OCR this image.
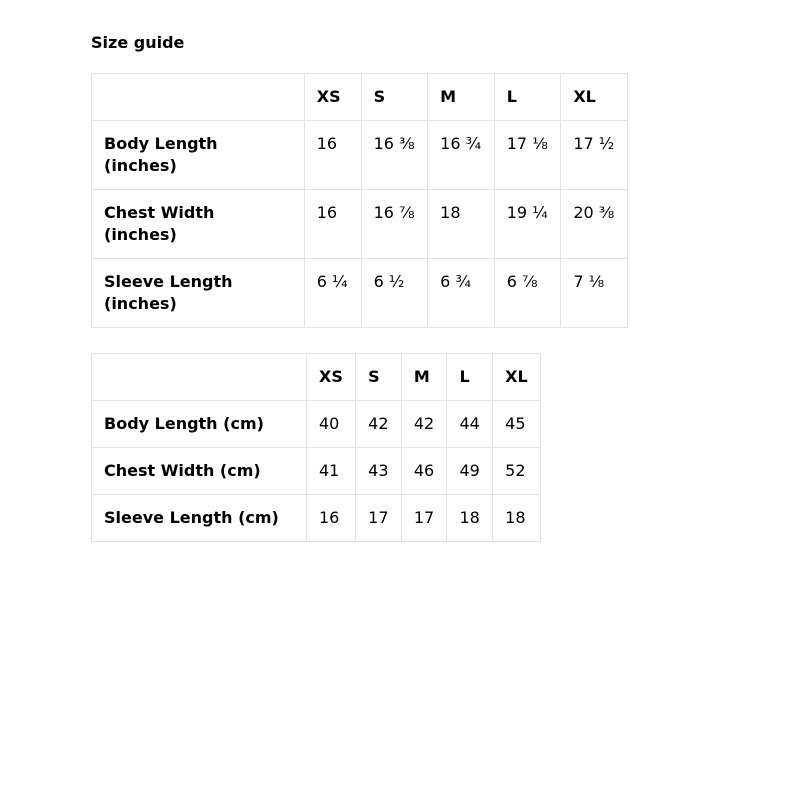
Size guide
	XS	S	M	L	XL
Body Length (inches)	16	16 ⅜	16 ¾	17 ⅛	17 ½
Chest Width (inches)	16	16 ⅞	18	19 ¼	20 ⅜
Sleeve Length (inches)	6 ¼	6 ½	6 ¾	6 ⅞	7 ⅛
	XS	S	M	L	XL
Body Length (cm)	40	42	42	44	45
Chest Width (cm)	41	43	46	49	52
Sleeve Length (cm)	16	17	17	18	18
